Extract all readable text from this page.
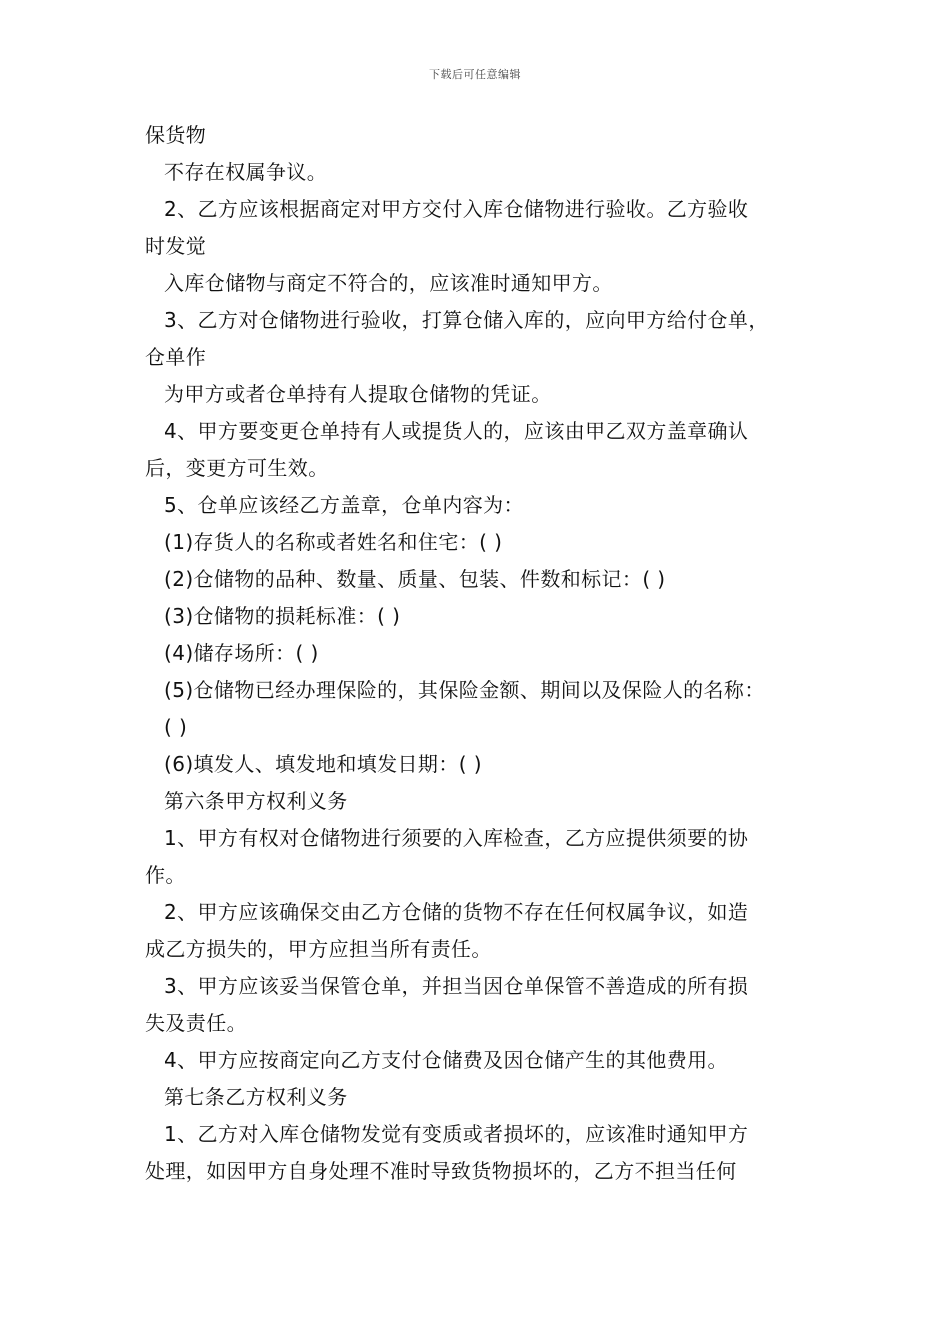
下载后可任意编辑
保货物
不存在权属争议。
2、乙方应该根据商定对甲方交付入库仓储物进行验收。乙方验收
时发觉
入库仓储物与商定不符合的，应该准时通知甲方。
3、乙方对仓储物进行验收，打算仓储入库的，应向甲方给付仓单，
仓单作
为甲方或者仓单持有人提取仓储物的凭证。
4、甲方要变更仓单持有人或提货人的，应该由甲乙双方盖章确认
后，变更方可生效。
5、仓单应该经乙方盖章，仓单内容为：
(1)存货人的名称或者姓名和住宅：( )
(2)仓储物的品种、数量、质量、包装、件数和标记：( )
(3)仓储物的损耗标准：( )
(4)储存场所：( )
(5)仓储物已经办理保险的，其保险金额、期间以及保险人的名称：
( )
(6)填发人、填发地和填发日期：( )
第六条甲方权利义务
1、甲方有权对仓储物进行须要的入库检查，乙方应提供须要的协
作。
2、甲方应该确保交由乙方仓储的货物不存在任何权属争议，如造
成乙方损失的，甲方应担当所有责任。
3、甲方应该妥当保管仓单，并担当因仓单保管不善造成的所有损
失及责任。
4、甲方应按商定向乙方支付仓储费及因仓储产生的其他费用。
第七条乙方权利义务
1、乙方对入库仓储物发觉有变质或者损坏的，应该准时通知甲方
处理，如因甲方自身处理不准时导致货物损坏的，乙方不担当任何
